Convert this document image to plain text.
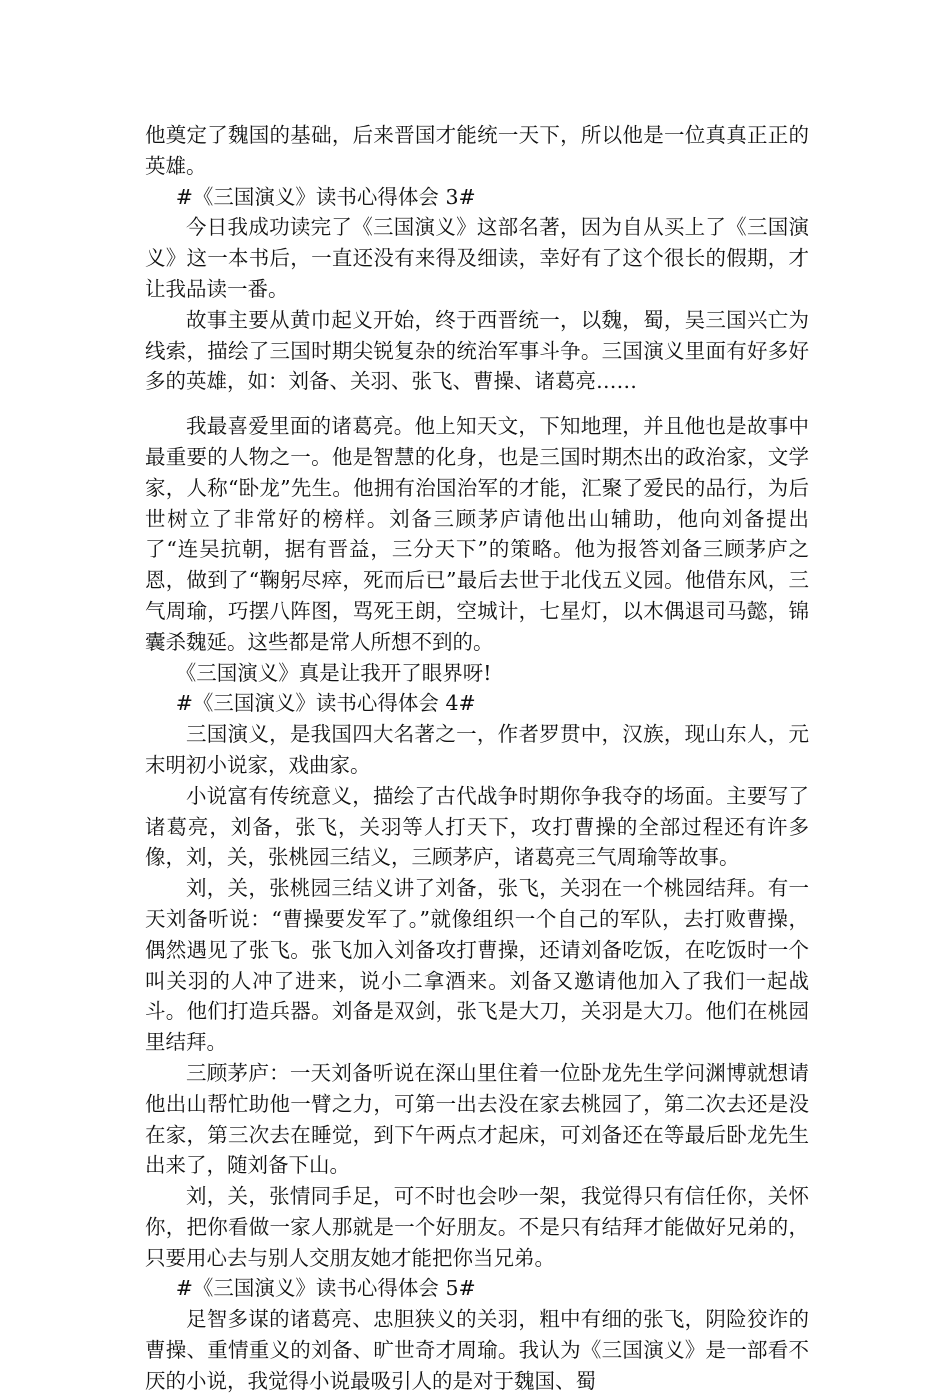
他奠定了魏国的基础，后来晋国才能统一天下，所以他是一位真真正正的英雄。

#《三国演义》读书心得体会 3#

今日我成功读完了《三国演义》这部名著，因为自从买上了《三国演义》这一本书后，一直还没有来得及细读，幸好有了这个很长的假期，才让我品读一番。

故事主要从黄巾起义开始，终于西晋统一，以魏，蜀，吴三国兴亡为线索，描绘了三国时期尖锐复杂的统治军事斗争。三国演义里面有好多好多的英雄，如：刘备、关羽、张飞、曹操、诸葛亮……

我最喜爱里面的诸葛亮。他上知天文，下知地理，并且他也是故事中最重要的人物之一。他是智慧的化身，也是三国时期杰出的政治家，文学家，人称“卧龙”先生。他拥有治国治军的才能，汇聚了爱民的品行，为后世树立了非常好的榜样。刘备三顾茅庐请他出山辅助，他向刘备提出了“连吴抗朝，据有晋益，三分天下”的策略。他为报答刘备三顾茅庐之恩，做到了“鞠躬尽瘁，死而后已”最后去世于北伐五义园。他借东风，三气周瑜，巧摆八阵图，骂死王朗，空城计，七星灯，以木偶退司马懿，锦囊杀魏延。这些都是常人所想不到的。

《三国演义》真是让我开了眼界呀!

#《三国演义》读书心得体会 4#

三国演义，是我国四大名著之一，作者罗贯中，汉族，现山东人，元末明初小说家，戏曲家。

小说富有传统意义，描绘了古代战争时期你争我夺的场面。主要写了诸葛亮，刘备，张飞，关羽等人打天下，攻打曹操的全部过程还有许多像，刘，关，张桃园三结义，三顾茅庐，诸葛亮三气周瑜等故事。

刘，关，张桃园三结义讲了刘备，张飞，关羽在一个桃园结拜。有一天刘备听说：“曹操要发军了。”就像组织一个自己的军队，去打败曹操，偶然遇见了张飞。张飞加入刘备攻打曹操，还请刘备吃饭，在吃饭时一个叫关羽的人冲了进来，说小二拿酒来。刘备又邀请他加入了我们一起战斗。他们打造兵器。刘备是双剑，张飞是大刀，关羽是大刀。他们在桃园里结拜。

三顾茅庐：一天刘备听说在深山里住着一位卧龙先生学问渊博就想请他出山帮忙助他一臂之力，可第一出去没在家去桃园了，第二次去还是没在家，第三次去在睡觉，到下午两点才起床，可刘备还在等最后卧龙先生出来了，随刘备下山。

刘，关，张情同手足，可不时也会吵一架，我觉得只有信任你，关怀你，把你看做一家人那就是一个好朋友。不是只有结拜才能做好兄弟的，只要用心去与别人交朋友她才能把你当兄弟。

#《三国演义》读书心得体会 5#

足智多谋的诸葛亮、忠胆狭义的关羽，粗中有细的张飞，阴险狡诈的曹操、重情重义的刘备、旷世奇才周瑜。我认为《三国演义》是一部看不厌的小说，我觉得小说最吸引人的是对于魏国、蜀
